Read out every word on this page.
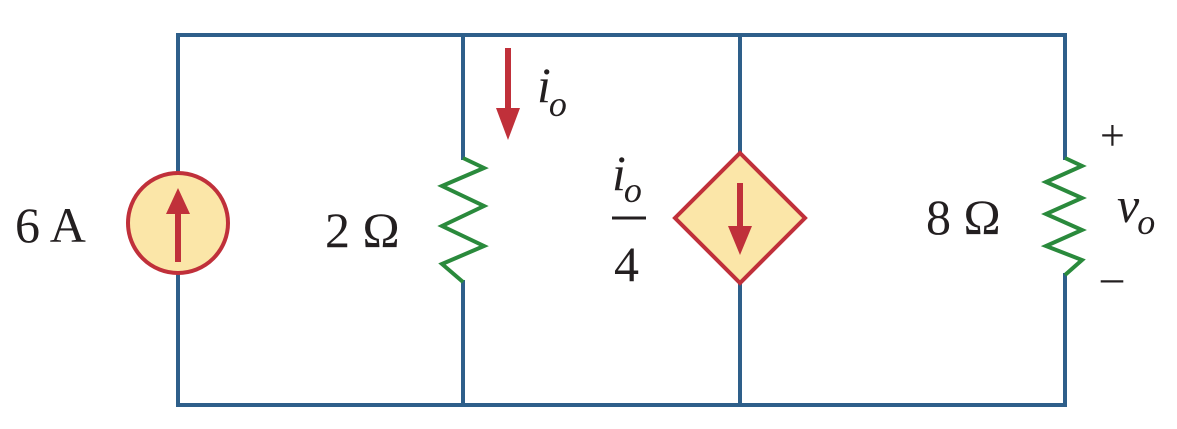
6 A	2 Ω	8 Ω
io
io
4
+
vo
–
